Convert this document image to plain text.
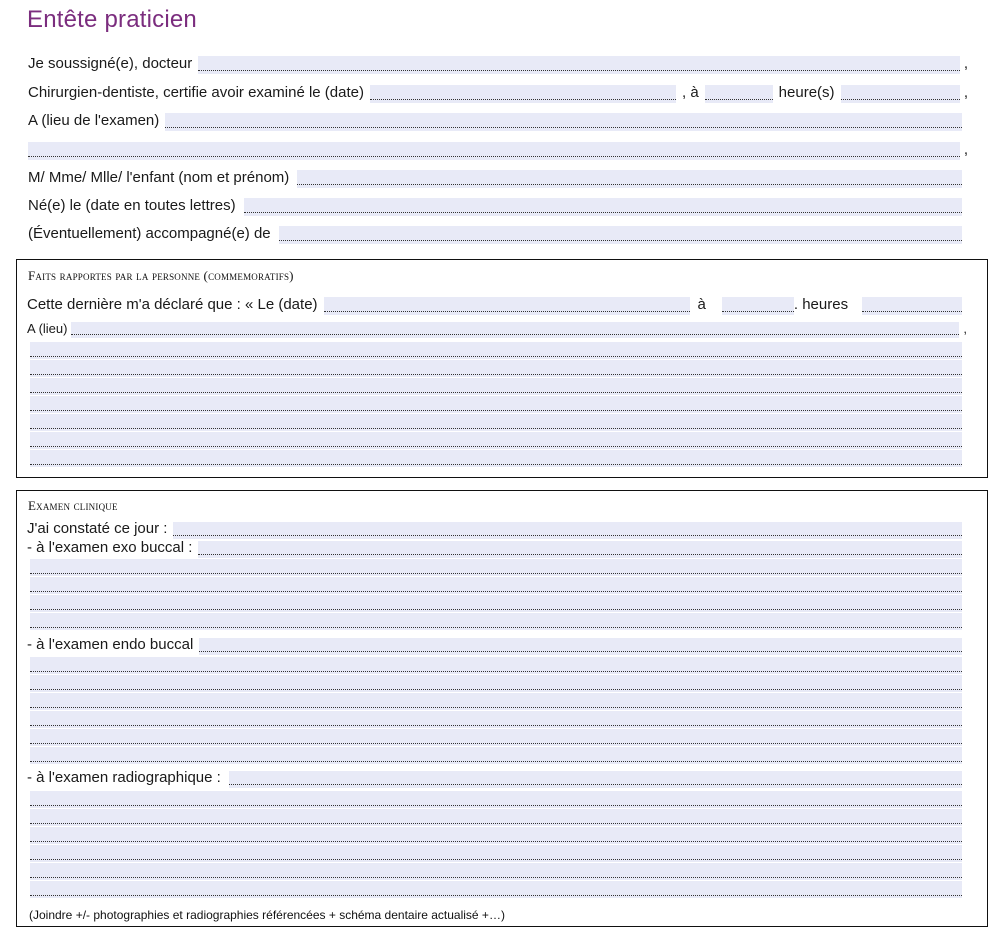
Entête praticien
Je soussigné(e), docteur	,
Chirurgien-dentiste, certifie avoir examiné le (date)	, à	heure(s)	,
A (lieu de l'examen)
,
M/ Mme/ Mlle/ l'enfant (nom et prénom)
Né(e) le (date en toutes lettres)
(Éventuellement) accompagné(e) de
Faits rapportes par la personne (commemoratifs)
Cette dernière m'a déclaré que : « Le (date)	à	. heures
A (lieu)	,
Examen clinique
J'ai constaté ce jour :
- à l'examen exo buccal :
- à l'examen endo buccal
- à l'examen radiographique :
(Joindre +/- photographies et radiographies référencées + schéma dentaire actualisé +…)
